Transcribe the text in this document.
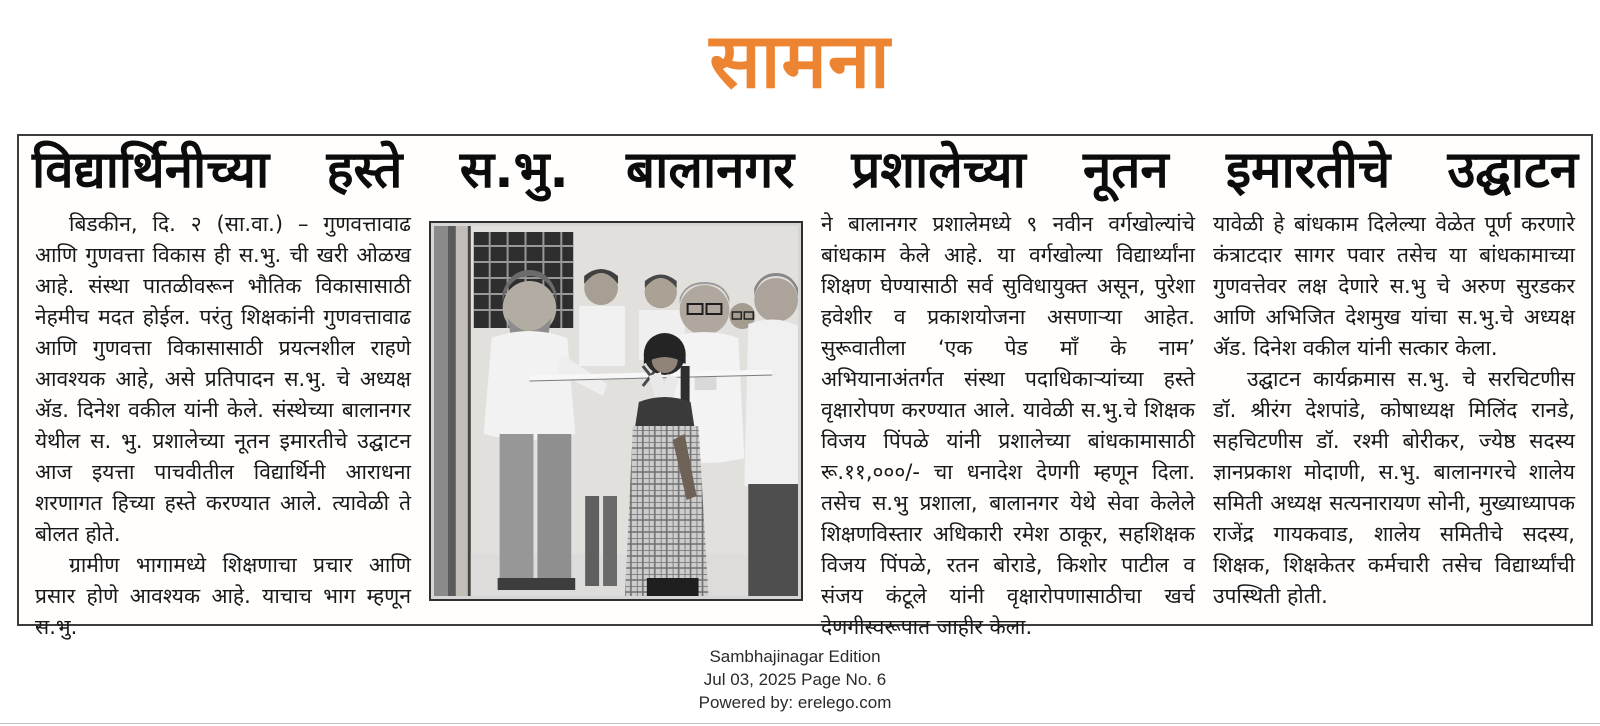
सामना
विद्यार्थिनीच्या हस्ते स.भु. बालानगर प्रशालेच्या नूतन इमारतीचे उद्घाटन

बिडकीन, दि. २ (सा.वा.) – गुणवत्तावाढ आणि गुणवत्ता विकास ही स.भु. ची खरी ओळख आहे. संस्था पातळीवरून भौतिक विकासासाठी नेहमीच मदत होईल. परंतु शिक्षकांनी गुणवत्तावाढ आणि गुणवत्ता विकासासाठी प्रयत्नशील राहणे आवश्यक आहे, असे प्रतिपादन स.भु. चे अध्यक्ष ॲड. दिनेश वकील यांनी केले. संस्थेच्या बालानगर येथील स. भु. प्रशालेच्या नूतन इमारतीचे उद्घाटन आज इयत्ता पाचवीतील विद्यार्थिनी आराधना शरणागत हिच्या हस्ते करण्यात आले. त्यावेळी ते बोलत होते.

ग्रामीण भागामध्ये शिक्षणाचा प्रचार आणि प्रसार होणे आवश्यक आहे. याचाच भाग म्हणून स.भु.

ने बालानगर प्रशालेमध्ये ९ नवीन वर्गखोल्यांचे बांधकाम केले आहे. या वर्गखोल्या विद्यार्थ्यांना शिक्षण घेण्यासाठी सर्व सुविधायुक्त असून, पुरेशा हवेशीर व प्रकाशयोजना असणाऱ्या आहेत. सुरूवातीला ‘एक पेड माँ के नाम’ अभियानाअंतर्गत संस्था पदाधिकाऱ्यांच्या हस्ते वृक्षारोपण करण्यात आले. यावेळी स.भु.चे शिक्षक विजय पिंपळे यांनी प्रशालेच्या बांधकामासाठी रू.११,०००/- चा धनादेश देणगी म्हणून दिला. तसेच स.भु प्रशाला, बालानगर येथे सेवा केलेले शिक्षणविस्तार अधिकारी रमेश ठाकूर, सहशिक्षक विजय पिंपळे, रतन बोराडे, किशोर पाटील व संजय कंटूले यांनी वृक्षारोपणासाठीचा खर्च देणगीस्वरूपात जाहीर केला.

यावेळी हे बांधकाम दिलेल्या वेळेत पूर्ण करणारे कंत्राटदार सागर पवार तसेच या बांधकामाच्या गुणवत्तेवर लक्ष देणारे स.भु चे अरुण सुरडकर आणि अभिजित देशमुख यांचा स.भु.चे अध्यक्ष ॲड. दिनेश वकील यांनी सत्कार केला.

उद्घाटन कार्यक्रमास स.भु. चे सरचिटणीस डॉ. श्रीरंग देशपांडे, कोषाध्यक्ष मिलिंद रानडे, सहचिटणीस डॉ. रश्मी बोरीकर, ज्येष्ठ सदस्य ज्ञानप्रकाश मोदाणी, स.भु. बालानगरचे शालेय समिती अध्यक्ष सत्यनारायण सोनी, मुख्याध्यापक राजेंद्र गायकवाड, शालेय समितीचे सदस्य, शिक्षक, शिक्षकेतर कर्मचारी तसेच विद्यार्थ्यांची उपस्थिती होती.

Sambhajinagar Edition
Jul 03, 2025 Page No. 6
Powered by: erelego.com
